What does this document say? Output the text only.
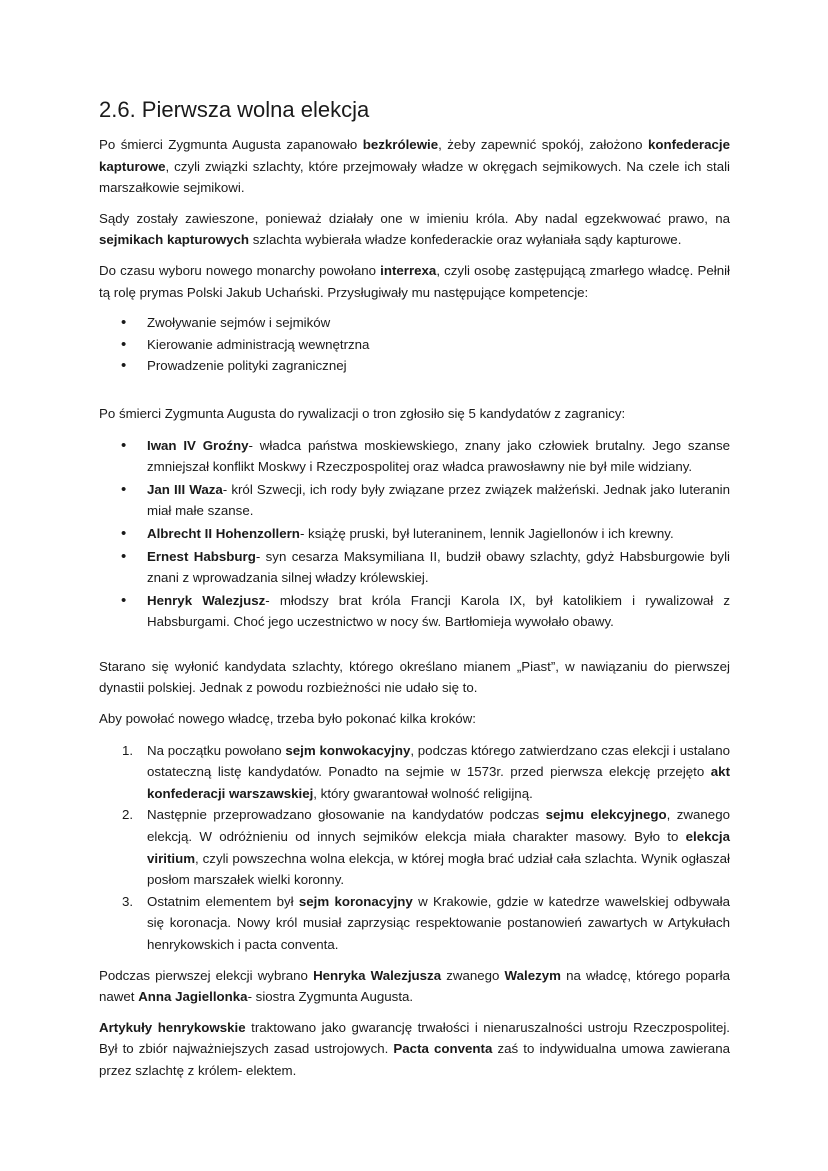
2.6. Pierwsza wolna elekcja

Po śmierci Zygmunta Augusta zapanowało bezkrólewie, żeby zapewnić spokój, założono konfederacje kapturowe, czyli związki szlachty, które przejmowały władze w okręgach sejmikowych. Na czele ich stali marszałkowie sejmikowi.

Sądy zostały zawieszone, ponieważ działały one w imieniu króla. Aby nadal egzekwować prawo, na sejmikach kapturowych szlachta wybierała władze konfederackie oraz wyłaniała sądy kapturowe.

Do czasu wyboru nowego monarchy powołano interrexa, czyli osobę zastępującą zmarłego władcę. Pełnił tą rolę prymas Polski Jakub Uchański. Przysługiwały mu następujące kompetencje:

• Zwoływanie sejmów i sejmików
• Kierowanie administracją wewnętrzna
• Prowadzenie polityki zagranicznej

Po śmierci Zygmunta Augusta do rywalizacji o tron zgłosiło się 5 kandydatów z zagranicy:

• Iwan IV Groźny- władca państwa moskiewskiego, znany jako człowiek brutalny. Jego szanse zmniejszał konflikt Moskwy i Rzeczpospolitej oraz władca prawosławny nie był mile widziany.
• Jan III Waza- król Szwecji, ich rody były związane przez związek małżeński. Jednak jako luteranin miał małe szanse.
• Albrecht II Hohenzollern- książę pruski, był luteraninem, lennik Jagiellonów i ich krewny.
• Ernest Habsburg- syn cesarza Maksymiliana II, budził obawy szlachty, gdyż Habsburgowie byli znani z wprowadzania silnej władzy królewskiej.
• Henryk Walezjusz- młodszy brat króla Francji Karola IX, był katolikiem i rywalizował z Habsburgami. Choć jego uczestnictwo w nocy św. Bartłomieja wywołało obawy.

Starano się wyłonić kandydata szlachty, którego określano mianem „Piast”, w nawiązaniu do pierwszej dynastii polskiej. Jednak z powodu rozbieżności nie udało się to.

Aby powołać nowego władcę, trzeba było pokonać kilka kroków:

1. Na początku powołano sejm konwokacyjny, podczas którego zatwierdzano czas elekcji i ustalano ostateczną listę kandydatów. Ponadto na sejmie w 1573r. przed pierwsza elekcję przejęto akt konfederacji warszawskiej, który gwarantował wolność religijną.
2. Następnie przeprowadzano głosowanie na kandydatów podczas sejmu elekcyjnego, zwanego elekcją. W odróżnieniu od innych sejmików elekcja miała charakter masowy. Było to elekcja viritium, czyli powszechna wolna elekcja, w której mogła brać udział cała szlachta. Wynik ogłaszał posłom marszałek wielki koronny.
3. Ostatnim elementem był sejm koronacyjny w Krakowie, gdzie w katedrze wawelskiej odbywała się koronacja. Nowy król musiał zaprzysiąc respektowanie postanowień zawartych w Artykułach henrykowskich i pacta conventa.

Podczas pierwszej elekcji wybrano Henryka Walezjusza zwanego Walezym na władcę, którego poparła nawet Anna Jagiellonka- siostra Zygmunta Augusta.

Artykuły henrykowskie traktowano jako gwarancję trwałości i nienaruszalności ustroju Rzeczpospolitej. Był to zbiór najważniejszych zasad ustrojowych. Pacta conventa zaś to indywidualna umowa zawierana przez szlachtę z królem- elektem.
